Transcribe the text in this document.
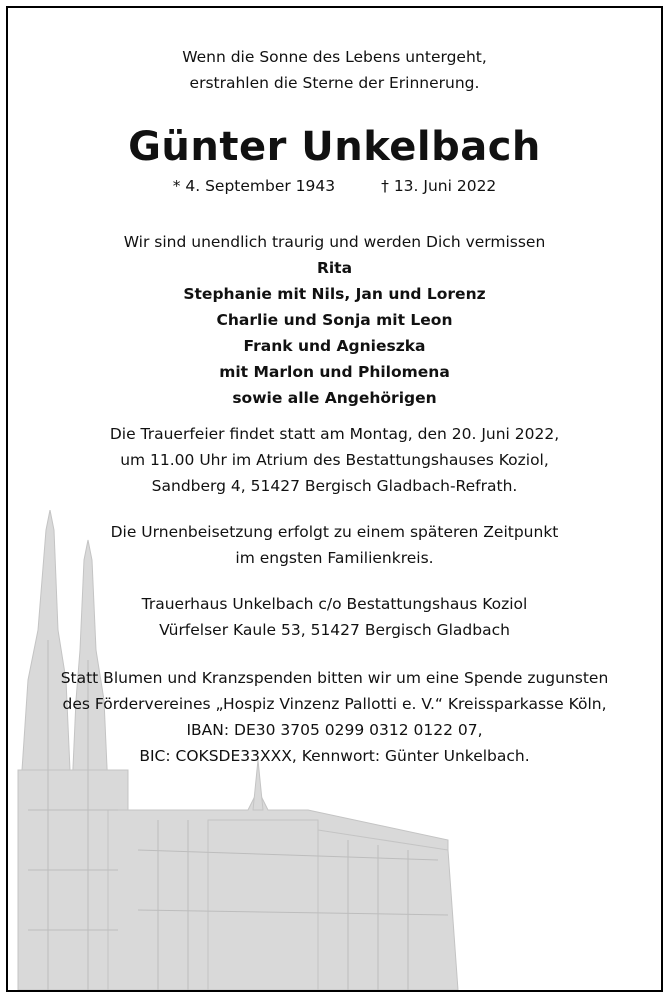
Wenn die Sonne des Lebens untergeht,
erstrahlen die Sterne der Erinnerung.
Günter Unkelbach
* 4. September 1943	† 13. Juni 2022
Wir sind unendlich traurig und werden Dich vermissen
Rita
Stephanie mit Nils, Jan und Lorenz
Charlie und Sonja mit Leon
Frank und Agnieszka
mit Marlon und Philomena
sowie alle Angehörigen
Die Trauerfeier findet statt am Montag, den 20. Juni 2022,
um 11.00 Uhr im Atrium des Bestattungshauses Koziol,
Sandberg 4, 51427 Bergisch Gladbach-Refrath.
Die Urnenbeisetzung erfolgt zu einem späteren Zeitpunkt
im engsten Familienkreis.
Trauerhaus Unkelbach c/o Bestattungshaus Koziol
Vürfelser Kaule 53, 51427 Bergisch Gladbach
Statt Blumen und Kranzspenden bitten wir um eine Spende zugunsten
des Fördervereines „Hospiz Vinzenz Pallotti e. V.“ Kreissparkasse Köln,
IBAN: DE30 3705 0299 0312 0122 07,
BIC: COKSDE33XXX, Kennwort: Günter Unkelbach.
